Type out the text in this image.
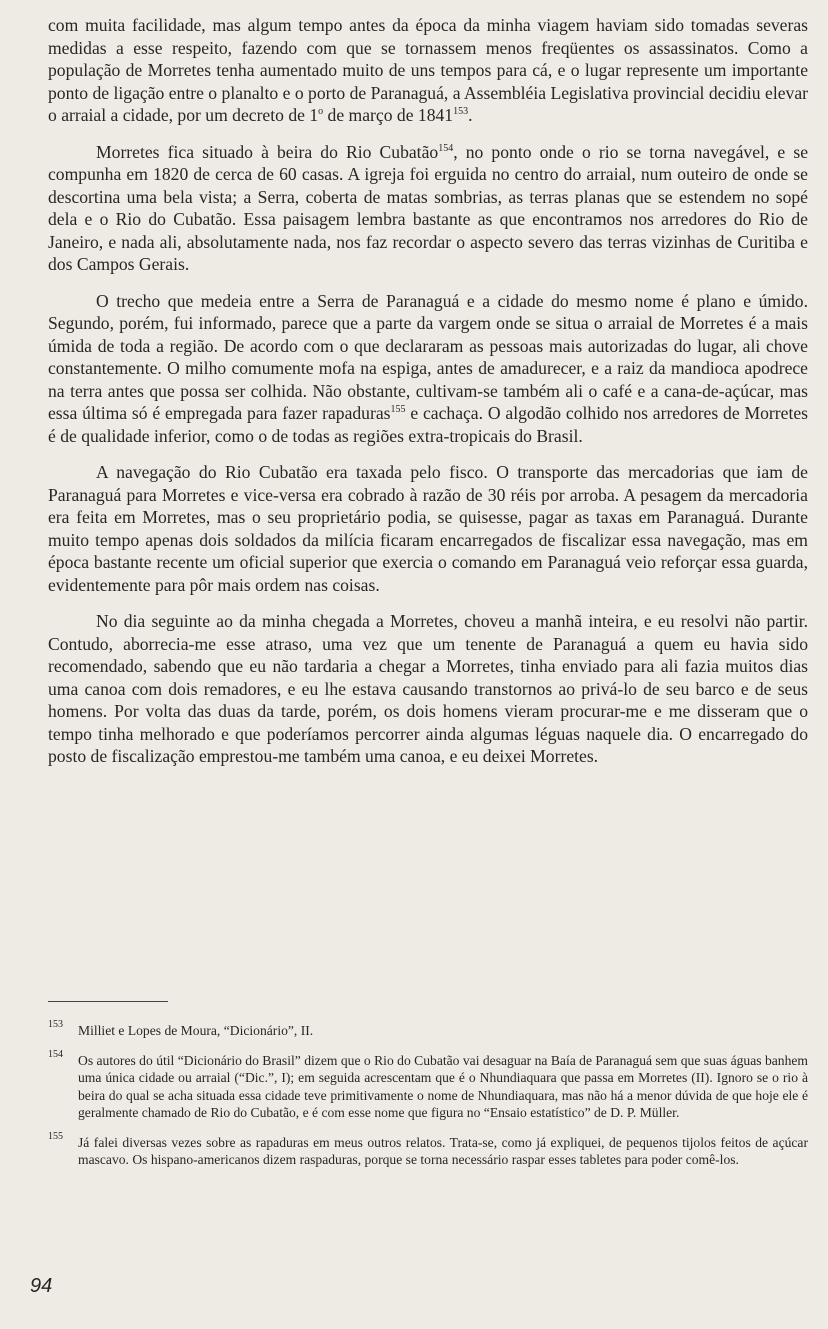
com muita facilidade, mas algum tempo antes da época da minha viagem haviam sido tomadas severas medidas a esse respeito, fazendo com que se tornassem menos freqüentes os assassinatos. Como a população de Morretes tenha aumentado muito de uns tempos para cá, e o lugar represente um importante ponto de ligação entre o planalto e o porto de Paranaguá, a Assembléia Legislativa provincial decidiu elevar o arraial a cidade, por um decreto de 1$^o$ de março de 1841$^{153}$.

Morretes fica situado à beira do Rio Cubatão$^{154}$, no ponto onde o rio se torna navegável, e se compunha em 1820 de cerca de 60 casas. A igreja foi erguida no centro do arraial, num outeiro de onde se descortina uma bela vista; a Serra, coberta de matas sombrias, as terras planas que se estendem no sopé dela e o Rio do Cubatão. Essa paisagem lembra bastante as que encontramos nos arredores do Rio de Janeiro, e nada ali, absolutamente nada, nos faz recordar o aspecto severo das terras vizinhas de Curitiba e dos Campos Gerais.

O trecho que medeia entre a Serra de Paranaguá e a cidade do mesmo nome é plano e úmido. Segundo, porém, fui informado, parece que a parte da vargem onde se situa o arraial de Morretes é a mais úmida de toda a região. De acordo com o que declararam as pessoas mais autorizadas do lugar, ali chove constantemente. O milho comumente mofa na espiga, antes de amadurecer, e a raiz da mandioca apodrece na terra antes que possa ser colhida. Não obstante, cultivam-se também ali o café e a cana-de-açúcar, mas essa última só é empregada para fazer rapaduras$^{155}$ e cachaça. O algodão colhido nos arredores de Morretes é de qualidade inferior, como o de todas as regiões extra-tropicais do Brasil.

A navegação do Rio Cubatão era taxada pelo fisco. O transporte das mercadorias que iam de Paranaguá para Morretes e vice-versa era cobrado à razão de 30 réis por arroba. A pesagem da mercadoria era feita em Morretes, mas o seu proprietário podia, se quisesse, pagar as taxas em Paranaguá. Durante muito tempo apenas dois soldados da milícia ficaram encarregados de fiscalizar essa navegação, mas em época bastante recente um oficial superior que exercia o comando em Paranaguá veio reforçar essa guarda, evidentemente para pôr mais ordem nas coisas.

No dia seguinte ao da minha chegada a Morretes, choveu a manhã inteira, e eu resolvi não partir. Contudo, aborrecia-me esse atraso, uma vez que um tenente de Paranaguá a quem eu havia sido recomendado, sabendo que eu não tardaria a chegar a Morretes, tinha enviado para ali fazia muitos dias uma canoa com dois remadores, e eu lhe estava causando transtornos ao privá-lo de seu barco e de seus homens. Por volta das duas da tarde, porém, os dois homens vieram procurar-me e me disseram que o tempo tinha melhorado e que poderíamos percorrer ainda algumas léguas naquele dia. O encarregado do posto de fiscalização emprestou-me também uma canoa, e eu deixei Morretes.

153 Milliet e Lopes de Moura, “Dicionário”, II.
154 Os autores do útil “Dicionário do Brasil” dizem que o Rio do Cubatão vai desaguar na Baía de Paranaguá sem que suas águas banhem uma única cidade ou arraial (“Dic.”, I); em seguida acrescentam que é o Nhundiaquara que passa em Morretes (II). Ignoro se o rio à beira do qual se acha situada essa cidade teve primitivamente o nome de Nhundiaquara, mas não há a menor dúvida de que hoje ele é geralmente chamado de Rio do Cubatão, e é com esse nome que figura no “Ensaio estatístico” de D. P. Müller.
155 Já falei diversas vezes sobre as rapaduras em meus outros relatos. Trata-se, como já expliquei, de pequenos tijolos feitos de açúcar mascavo. Os hispano-americanos dizem raspaduras, porque se torna necessário raspar esses tabletes para poder comê-los.
94
